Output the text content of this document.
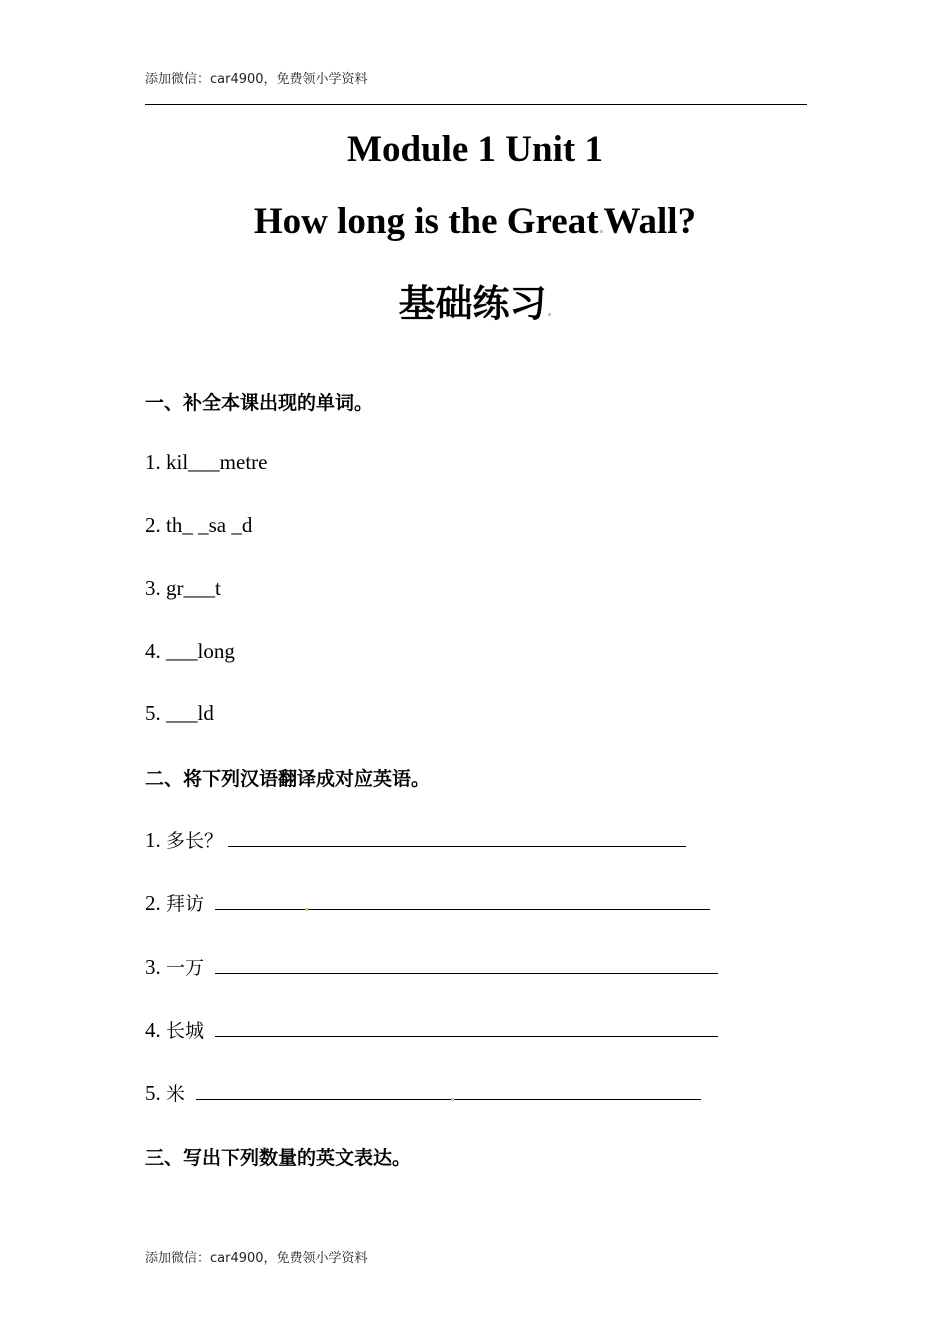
添加微信：car4900，免费领小学资料
Module 1 Unit 1
How long is the Great Wall?
基础练习
一、补全本课出现的单词。
1. kil___metre
2. th_ _sa _d
3. gr___t
4. ___long
5. ___ld
二、将下列汉语翻译成对应英语。
1. 多长？
2. 拜访
3. 一万
4. 长城
5. 米
三、写出下列数量的英文表达。
添加微信：car4900，免费领小学资料
